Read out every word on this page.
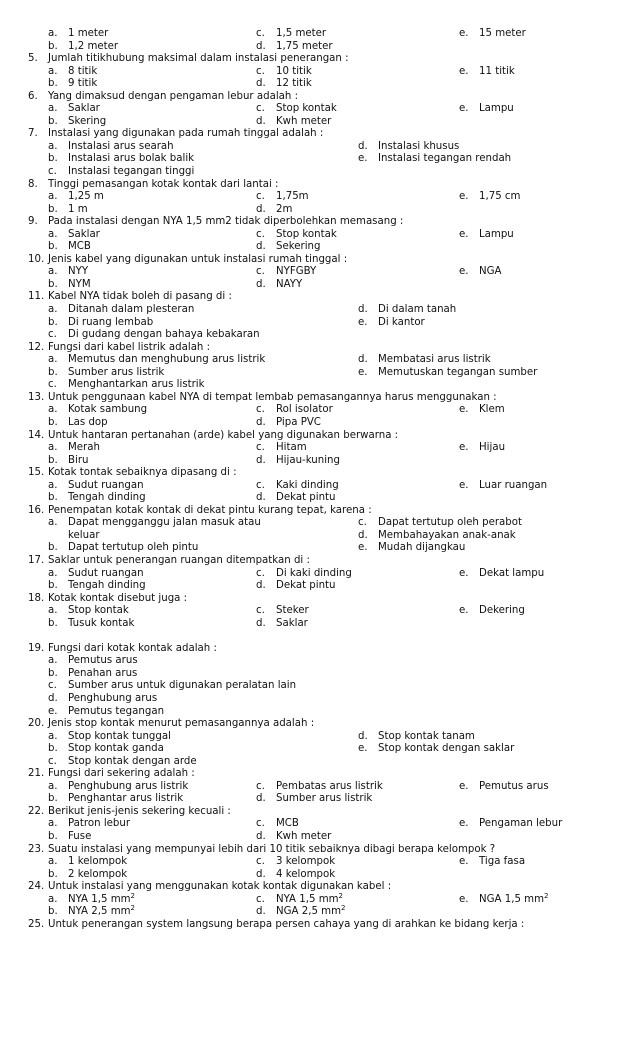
a. 1 meter	c. 1,5 meter	e. 15 meter
b. 1,2 meter	d. 1,75 meter
5. Jumlah titikhubung maksimal dalam instalasi penerangan :
a. 8 titik	c. 10 titik	e. 11 titik
b. 9 titik	d. 12 titik
6. Yang dimaksud dengan pengaman lebur adalah :
a. Saklar	c. Stop kontak	e. Lampu
b. Skering	d. Kwh meter
7. Instalasi yang digunakan pada rumah tinggal adalah :
a. Instalasi arus searah	d. Instalasi khusus
b. Instalasi arus bolak balik	e. Instalasi tegangan rendah
c. Instalasi tegangan tinggi
8. Tinggi pemasangan kotak kontak dari lantai :
a. 1,25 m	c. 1,75m	e. 1,75 cm
b. 1 m	d. 2m
9. Pada instalasi dengan NYA 1,5 mm2 tidak diperbolehkan memasang :
a. Saklar	c. Stop kontak	e. Lampu
b. MCB	d. Sekering
10. Jenis kabel yang digunakan untuk instalasi rumah tinggal :
a. NYY	c. NYFGBY	e. NGA
b. NYM	d. NAYY
11. Kabel NYA tidak boleh di pasang di :
a. Ditanah dalam plesteran	d. Di dalam tanah
b. Di ruang lembab	e. Di kantor
c. Di gudang dengan bahaya kebakaran
12. Fungsi dari kabel listrik adalah :
a. Memutus dan menghubung arus listrik	d. Membatasi arus listrik
b. Sumber arus listrik	e. Memutuskan tegangan sumber
c. Menghantarkan arus listrik
13. Untuk penggunaan kabel NYA di tempat lembab pemasangannya harus menggunakan :
a. Kotak sambung	c. Rol isolator	e. Klem
b. Las dop	d. Pipa PVC
14. Untuk hantaran pertanahan (arde) kabel yang digunakan berwarna :
a. Merah	c. Hitam	e. Hijau
b. Biru	d. Hijau-kuning
15. Kotak tontak sebaiknya dipasang di :
a. Sudut ruangan	c. Kaki dinding	e. Luar ruangan
b. Tengah dinding	d. Dekat pintu
16. Penempatan kotak kontak di dekat pintu kurang tepat, karena :
a. Dapat mengganggu jalan masuk atau	c. Dapat tertutup oleh perabot
keluar	d. Membahayakan anak-anak
b. Dapat tertutup oleh pintu	e. Mudah dijangkau
17. Saklar untuk penerangan ruangan ditempatkan di :
a. Sudut ruangan	c. Di kaki dinding	e. Dekat lampu
b. Tengah dinding	d. Dekat pintu
18. Kotak kontak disebut juga :
a. Stop kontak	c. Steker	e. Dekering
b. Tusuk kontak	d. Saklar
19. Fungsi dari kotak kontak adalah :
a. Pemutus arus
b. Penahan arus
c. Sumber arus untuk digunakan peralatan lain
d. Penghubung arus
e. Pemutus tegangan
20. Jenis stop kontak menurut pemasangannya adalah :
a. Stop kontak tunggal	d. Stop kontak tanam
b. Stop kontak ganda	e. Stop kontak dengan saklar
c. Stop kontak dengan arde
21. Fungsi dari sekering adalah :
a. Penghubung arus listrik	c. Pembatas arus listrik	e. Pemutus arus
b. Penghantar arus listrik	d. Sumber arus listrik
22. Berikut jenis-jenis sekering kecuali :
a. Patron lebur	c. MCB	e. Pengaman lebur
b. Fuse	d. Kwh meter
23. Suatu instalasi yang mempunyai lebih dari 10 titik sebaiknya dibagi berapa kelompok ?
a. 1 kelompok	c. 3 kelompok	e. Tiga fasa
b. 2 kelompok	d. 4 kelompok
24. Untuk instalasi yang menggunakan kotak kontak digunakan kabel :
a. NYA 1,5 $mm^2$	c. NYA 1,5 $mm^2$	e. NGA 1,5 $mm^2$
b. NYA 2,5 $mm^2$	d. NGA 2,5 $mm^2$
25. Untuk penerangan system langsung berapa persen cahaya yang di arahkan ke bidang kerja :
